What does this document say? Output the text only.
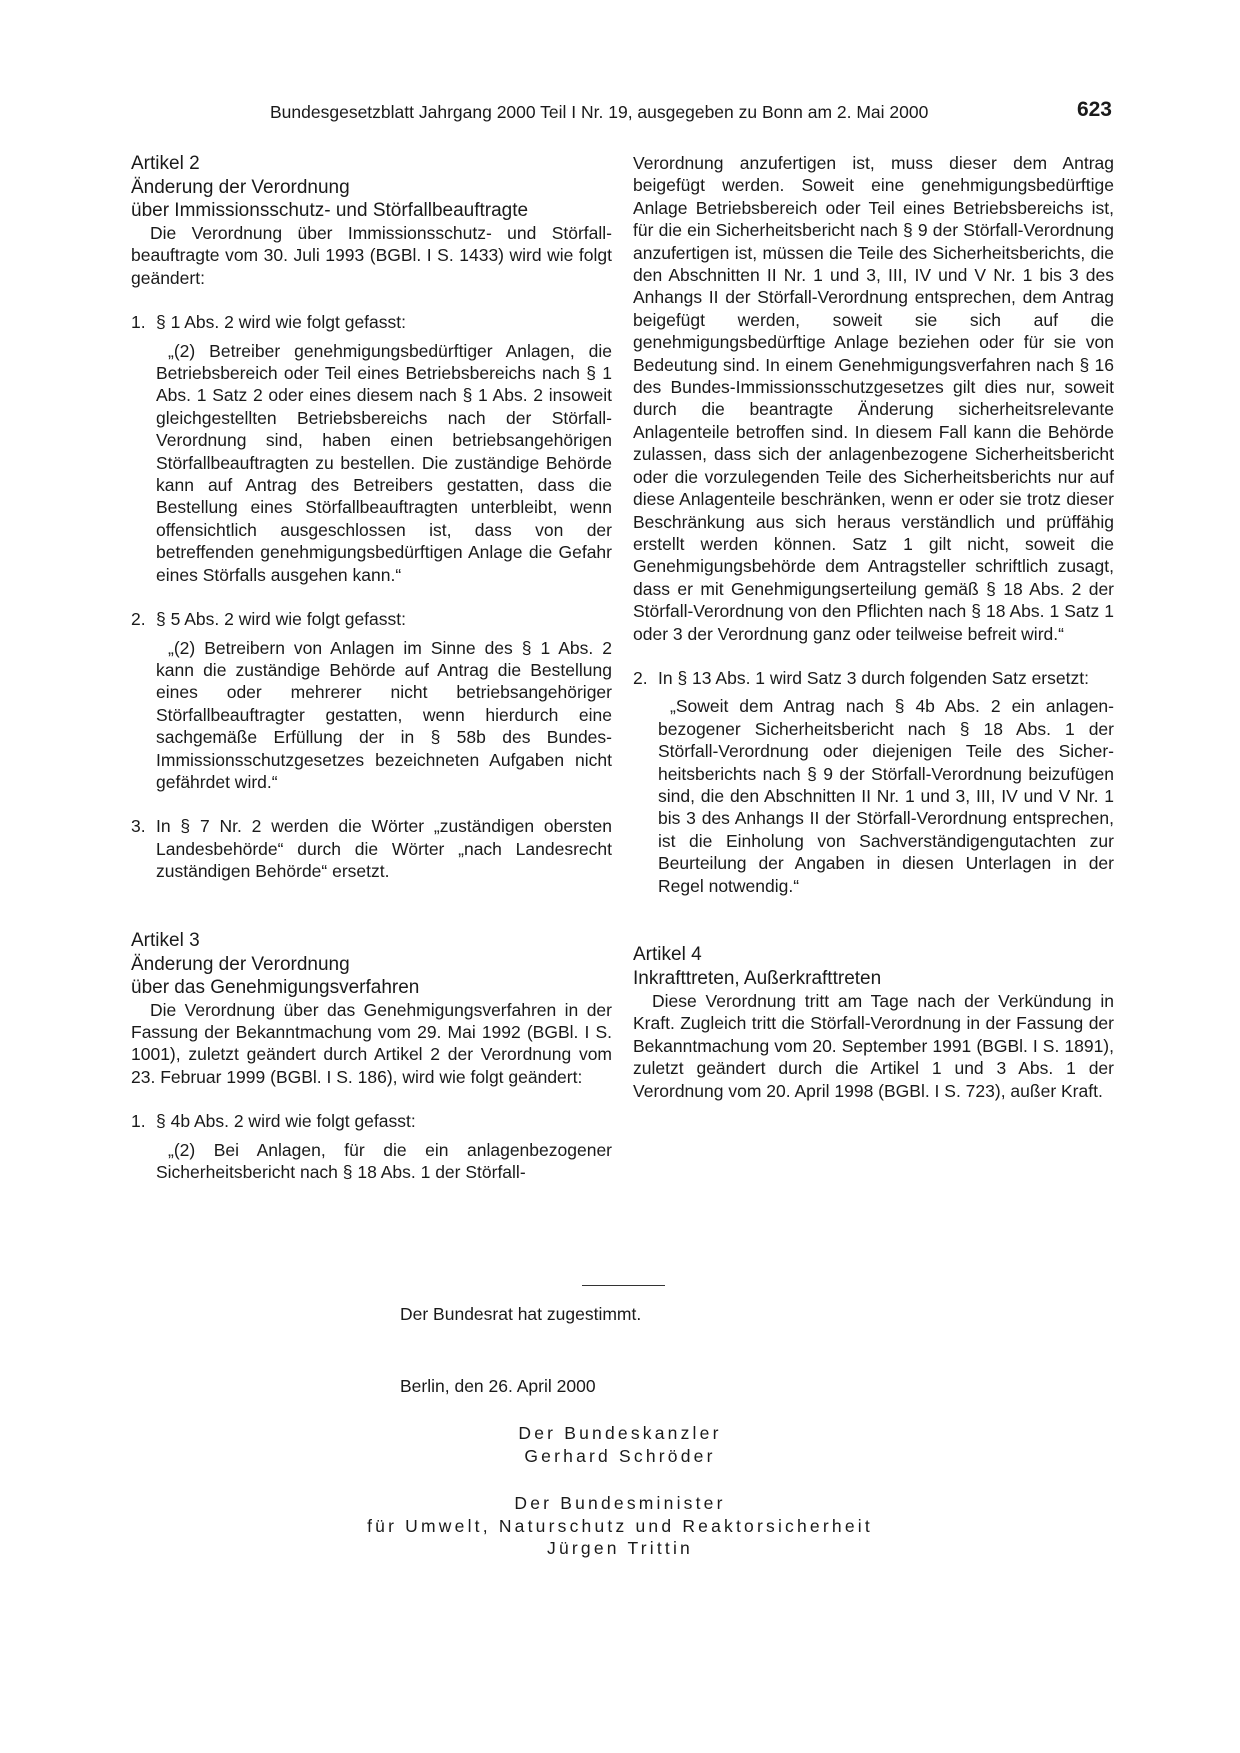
Bundesgesetzblatt Jahrgang 2000 Teil I Nr. 19, ausgegeben zu Bonn am 2. Mai 2000	623

Artikel 2

Änderung der Verordnung
über Immissionsschutz- und Störfallbeauftragte

Die Verordnung über Immissionsschutz- und Störfallbeauftragte vom 30. Juli 1993 (BGBl. I S. 1433) wird wie folgt geändert:

1. § 1 Abs. 2 wird wie folgt gefasst:

„(2) Betreiber genehmigungsbedürftiger Anlagen, die Betriebsbereich oder Teil eines Betriebsbereichs nach § 1 Abs. 1 Satz 2 oder eines diesem nach § 1 Abs. 2 insoweit gleichgestellten Betriebsbereichs nach der Störfall-Verordnung sind, haben einen betriebsangehörigen Störfallbeauftragten zu bestellen. Die zuständige Behörde kann auf Antrag des Betreibers gestatten, dass die Bestellung eines Störfallbeauftragten unterbleibt, wenn offensichtlich ausgeschlossen ist, dass von der betreffenden genehmigungsbedürftigen Anlage die Gefahr eines Störfalls ausgehen kann.“

2. § 5 Abs. 2 wird wie folgt gefasst:

„(2) Betreibern von Anlagen im Sinne des § 1 Abs. 2 kann die zuständige Behörde auf Antrag die Bestellung eines oder mehrerer nicht betriebsangehöriger Störfallbeauftragter gestatten, wenn hierdurch eine sachgemäße Erfüllung der in § 58b des Bundes-Immissionsschutzgesetzes bezeichneten Aufgaben nicht gefährdet wird.“

3. In § 7 Nr. 2 werden die Wörter „zuständigen obersten Landesbehörde“ durch die Wörter „nach Landesrecht zuständigen Behörde“ ersetzt.

Artikel 3

Änderung der Verordnung
über das Genehmigungsverfahren

Die Verordnung über das Genehmigungsverfahren in der Fassung der Bekanntmachung vom 29. Mai 1992 (BGBl. I S. 1001), zuletzt geändert durch Artikel 2 der Verordnung vom 23. Februar 1999 (BGBl. I S. 186), wird wie folgt geändert:

1. § 4b Abs. 2 wird wie folgt gefasst:

„(2) Bei Anlagen, für die ein anlagenbezogener Sicherheitsbericht nach § 18 Abs. 1 der Störfall-

Verordnung anzufertigen ist, muss dieser dem Antrag beigefügt werden. Soweit eine genehmigungsbedürftige Anlage Betriebsbereich oder Teil eines Betriebsbereichs ist, für die ein Sicherheitsbericht nach § 9 der Störfall-Verordnung anzufertigen ist, müssen die Teile des Sicherheitsberichts, die den Abschnitten II Nr. 1 und 3, III, IV und V Nr. 1 bis 3 des Anhangs II der Störfall-Verordnung entsprechen, dem Antrag beigefügt werden, soweit sie sich auf die genehmigungsbedürftige Anlage beziehen oder für sie von Bedeutung sind. In einem Genehmigungsverfahren nach § 16 des Bundes-Immissionsschutzgesetzes gilt dies nur, soweit durch die beantragte Änderung sicherheitsrelevante Anlagenteile betroffen sind. In diesem Fall kann die Behörde zulassen, dass sich der anlagenbezogene Sicherheitsbericht oder die vorzulegenden Teile des Sicherheitsberichts nur auf diese Anlagenteile beschränken, wenn er oder sie trotz dieser Beschränkung aus sich heraus verständlich und prüffähig erstellt werden können. Satz 1 gilt nicht, soweit die Genehmigungsbehörde dem Antragsteller schriftlich zusagt, dass er mit Genehmigungserteilung gemäß § 18 Abs. 2 der Störfall-Verordnung von den Pflichten nach § 18 Abs. 1 Satz 1 oder 3 der Verordnung ganz oder teilweise befreit wird.“

2. In § 13 Abs. 1 wird Satz 3 durch folgenden Satz ersetzt:

„Soweit dem Antrag nach § 4b Abs. 2 ein anlagenbezogener Sicherheitsbericht nach § 18 Abs. 1 der Störfall-Verordnung oder diejenigen Teile des Sicherheitsberichts nach § 9 der Störfall-Verordnung beizufügen sind, die den Abschnitten II Nr. 1 und 3, III, IV und V Nr. 1 bis 3 des Anhangs II der Störfall-Verordnung entsprechen, ist die Einholung von Sachverständigengutachten zur Beurteilung der Angaben in diesen Unterlagen in der Regel notwendig.“

Artikel 4

Inkrafttreten, Außerkrafttreten

Diese Verordnung tritt am Tage nach der Verkündung in Kraft. Zugleich tritt die Störfall-Verordnung in der Fassung der Bekanntmachung vom 20. September 1991 (BGBl. I S. 1891), zuletzt geändert durch die Artikel 1 und 3 Abs. 1 der Verordnung vom 20. April 1998 (BGBl. I S. 723), außer Kraft.

Der Bundesrat hat zugestimmt.
Berlin, den 26. April 2000
Der Bundeskanzler
Gerhard Schröder
Der Bundesminister
für Umwelt, Naturschutz und Reaktorsicherheit
Jürgen Trittin
